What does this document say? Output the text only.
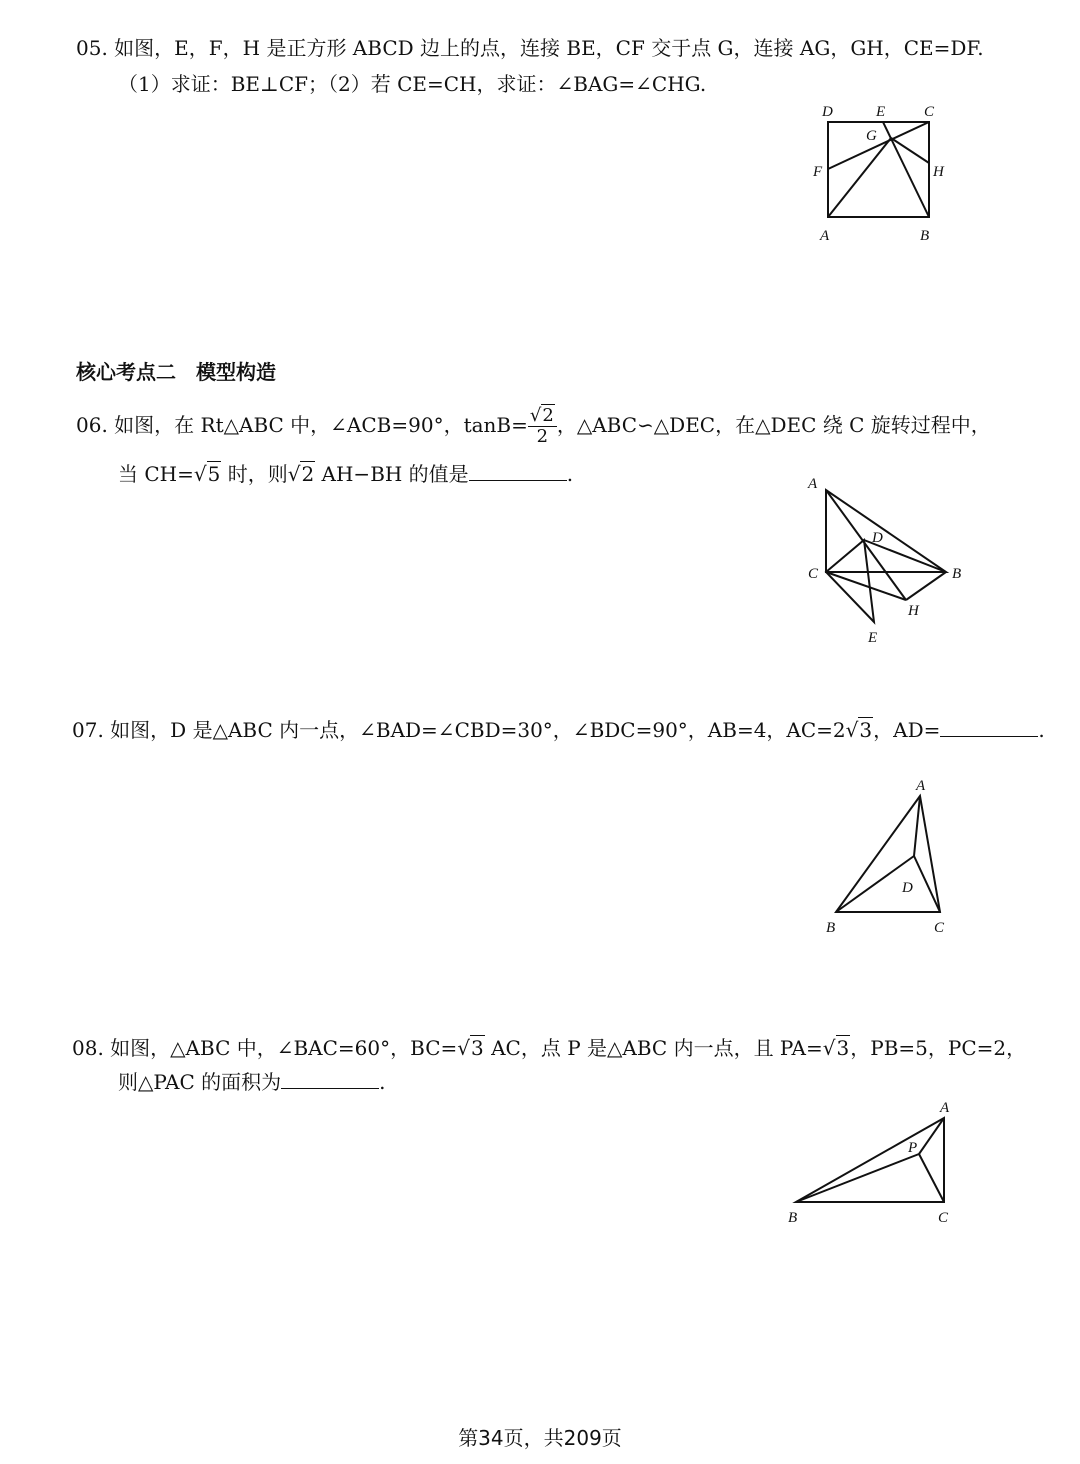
05. 如图，E，F，H 是正方形 ABCD 边上的点，连接 BE，CF 交于点 G，连接 AG，GH，CE=DF.
（1）求证：BE⊥CF；（2）若 CE=CH，求证：∠BAG=∠CHG.
D	E	C
G
F	H
A	B
核心考点二　模型构造
06. 如图，在 Rt△ABC 中，∠ACB=90°，$\tan B= \frac{√2}{2}$ ，△ABC∽△DEC，在△DEC 绕 C 旋转过程中，
当 CH=√5 时，则√2 AH−BH 的值是	.	A
D
C	B
H
E
07. 如图，D 是△ABC 内一点，∠BAD=∠CBD=30°，∠BDC=90°，AB=4，AC=2√3，AD=	.
A
D
B	C
08. 如图，△ABC 中，∠BAC=60°，BC=√3 AC，点 P 是△ABC 内一点，且 PA=√3，PB=5，PC=2，
则△PAC 的面积为	.
A
P
B	C
第34页，共209页
